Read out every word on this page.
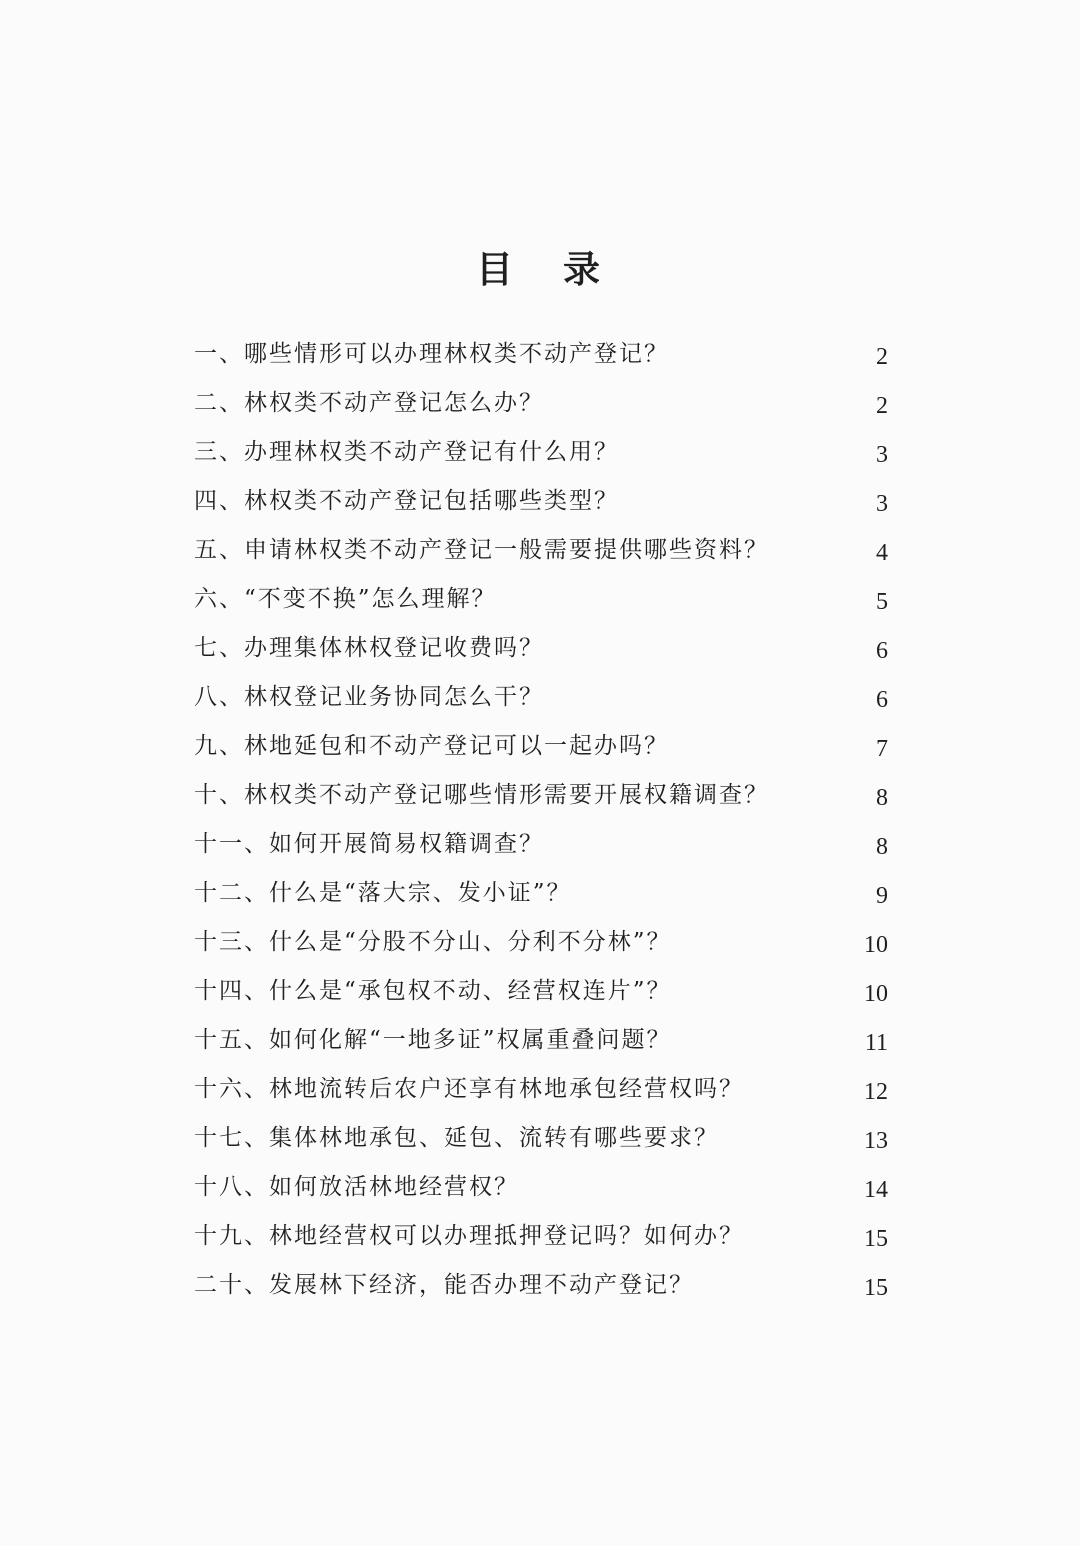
目 录
一、哪些情形可以办理林权类不动产登记？	2
二、林权类不动产登记怎么办？	2
三、办理林权类不动产登记有什么用？	3
四、林权类不动产登记包括哪些类型？	3
五、申请林权类不动产登记一般需要提供哪些资料？	4
六、“不变不换”怎么理解？	5
七、办理集体林权登记收费吗？	6
八、林权登记业务协同怎么干？	6
九、林地延包和不动产登记可以一起办吗？	7
十、林权类不动产登记哪些情形需要开展权籍调查？	8
十一、如何开展简易权籍调查？	8
十二、什么是“落大宗、发小证”？	9
十三、什么是“分股不分山、分利不分林”？	10
十四、什么是“承包权不动、经营权连片”？	10
十五、如何化解“一地多证”权属重叠问题？	11
十六、林地流转后农户还享有林地承包经营权吗？	12
十七、集体林地承包、延包、流转有哪些要求？	13
十八、如何放活林地经营权？	14
十九、林地经营权可以办理抵押登记吗？如何办？	15
二十、发展林下经济，能否办理不动产登记？	15
